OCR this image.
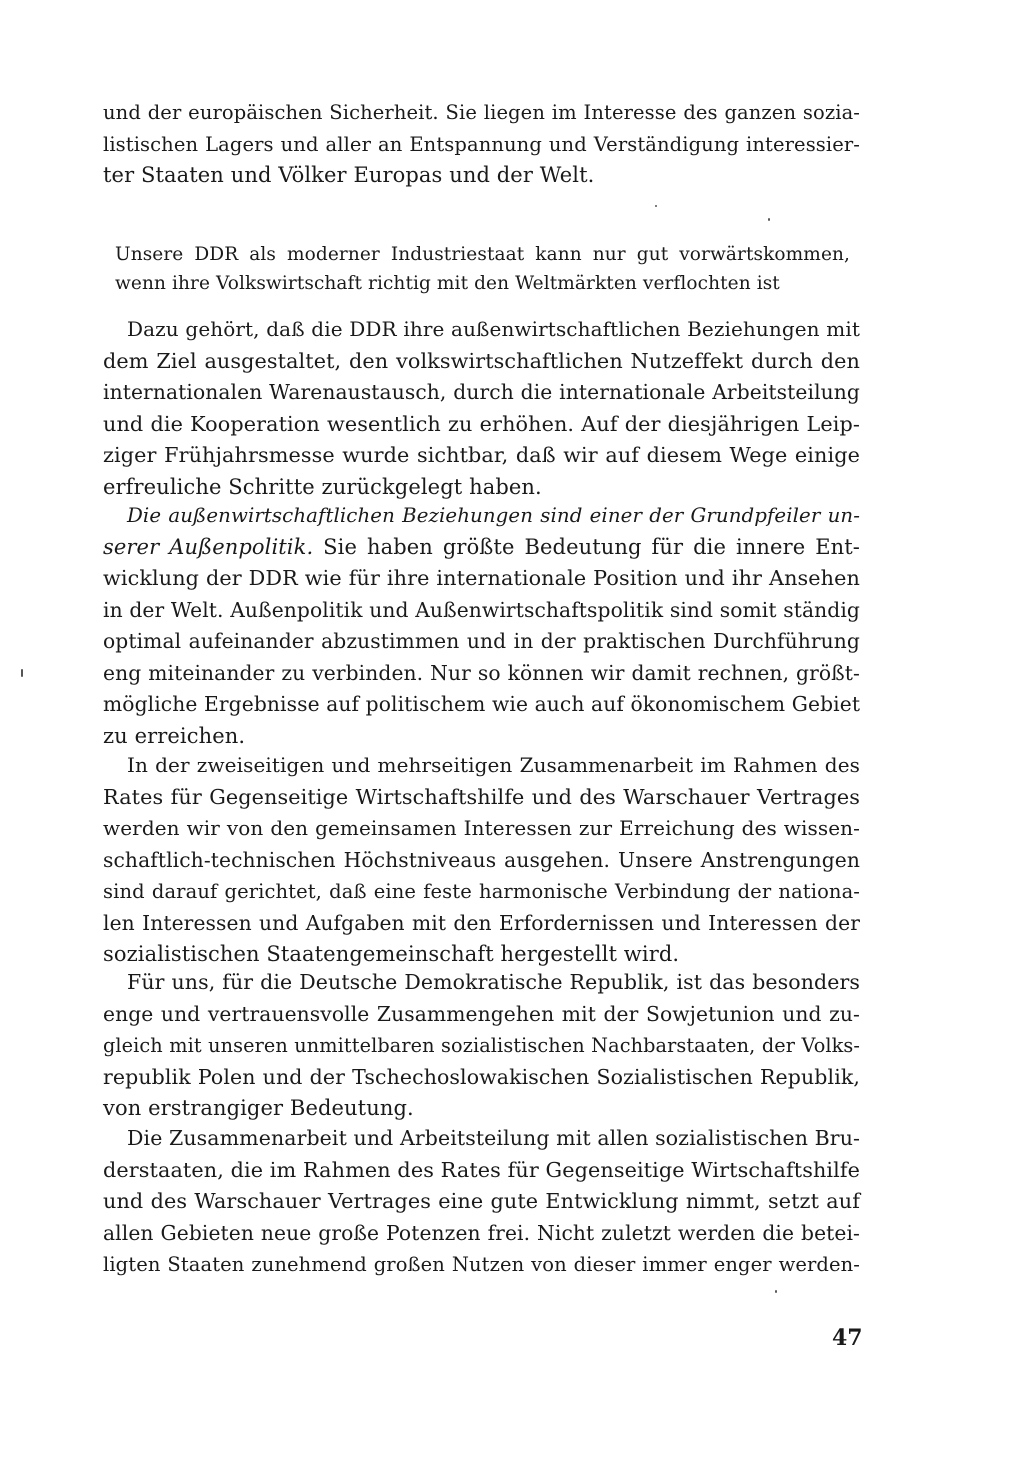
und der europäischen Sicherheit. Sie liegen im Interesse des ganzen sozia-
listischen Lagers und aller an Entspannung und Verständigung interessier-
ter Staaten und Völker Europas und der Welt.
Unsere DDR als moderner Industriestaat kann nur gut vorwärtskommen,
wenn ihre Volkswirtschaft richtig mit den Weltmärkten verflochten ist
Dazu gehört, daß die DDR ihre außenwirtschaftlichen Beziehungen mit
dem Ziel ausgestaltet, den volkswirtschaftlichen Nutzeffekt durch den
internationalen Warenaustausch, durch die internationale Arbeitsteilung
und die Kooperation wesentlich zu erhöhen. Auf der diesjährigen Leip-
ziger Frühjahrsmesse wurde sichtbar, daß wir auf diesem Wege einige
erfreuliche Schritte zurückgelegt haben.
Die außenwirtschaftlichen Beziehungen sind einer der Grundpfeiler un-
serer Außenpolitik. Sie haben größte Bedeutung für die innere Ent-
wicklung der DDR wie für ihre internationale Position und ihr Ansehen
in der Welt. Außenpolitik und Außenwirtschaftspolitik sind somit ständig
optimal aufeinander abzustimmen und in der praktischen Durchführung
eng miteinander zu verbinden. Nur so können wir damit rechnen, größt-
mögliche Ergebnisse auf politischem wie auch auf ökonomischem Gebiet
zu erreichen.
In der zweiseitigen und mehrseitigen Zusammenarbeit im Rahmen des
Rates für Gegenseitige Wirtschaftshilfe und des Warschauer Vertrages
werden wir von den gemeinsamen Interessen zur Erreichung des wissen-
schaftlich-technischen Höchstniveaus ausgehen. Unsere Anstrengungen
sind darauf gerichtet, daß eine feste harmonische Verbindung der nationa-
len Interessen und Aufgaben mit den Erfordernissen und Interessen der
sozialistischen Staatengemeinschaft hergestellt wird.
Für uns, für die Deutsche Demokratische Republik, ist das besonders
enge und vertrauensvolle Zusammengehen mit der Sowjetunion und zu-
gleich mit unseren unmittelbaren sozialistischen Nachbarstaaten, der Volks-
republik Polen und der Tschechoslowakischen Sozialistischen Republik,
von erstrangiger Bedeutung.
Die Zusammenarbeit und Arbeitsteilung mit allen sozialistischen Bru-
derstaaten, die im Rahmen des Rates für Gegenseitige Wirtschaftshilfe
und des Warschauer Vertrages eine gute Entwicklung nimmt, setzt auf
allen Gebieten neue große Potenzen frei. Nicht zuletzt werden die betei-
ligten Staaten zunehmend großen Nutzen von dieser immer enger werden-
47
